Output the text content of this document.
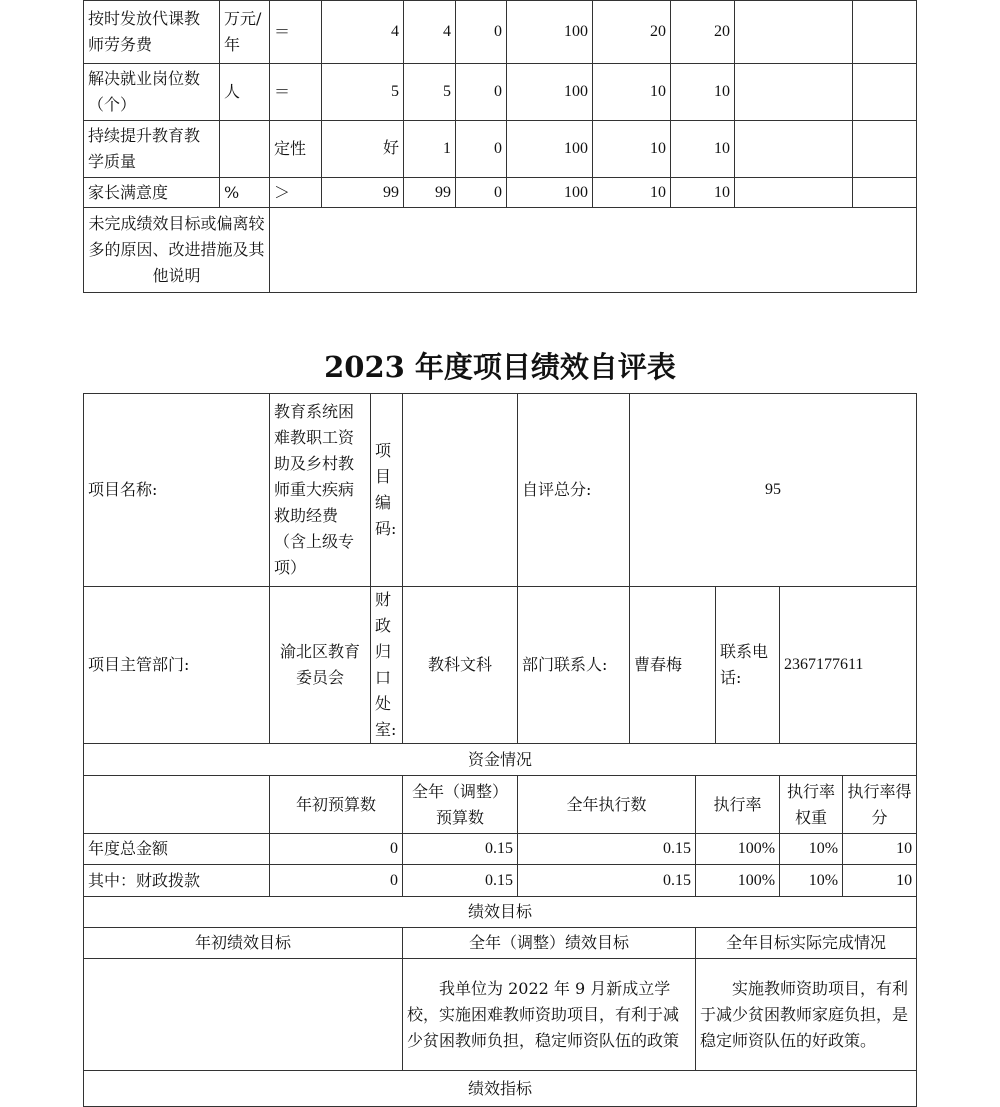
按时发放代课教师劳务费	万元/年	＝	4	4	0	100	20	20		
解决就业岗位数（个）	人	＝	5	5	0	100	10	10		
持续提升教育教学质量		定性	好	1	0	100	10	10		
家长满意度	%	＞	99	99	0	100	10	10		
未完成绩效目标或偏离较多的原因、改进措施及其他说明										
2023 年度项目绩效自评表
项目名称:	教育系统困难教职工资助及乡村教师重大疾病救助经费（含上级专项）	项目编码:		自评总分:	95				
项目主管部门:	渝北区教育委员会	财政归口处室:	教科文科	部门联系人:	曹春梅		联系电话:	2367177611	
资金情况									
	年初预算数		全年（调整）预算数	全年执行数		执行率		执行率权重	执行率得分
年度总金额	0		0.15	0.15		100%		10%	10
其中：财政拨款	0		0.15	0.15		100%		10%	10
绩效目标									
年初绩效目标			全年（调整）绩效目标			全年目标实际完成情况			
			我单位为 2022 年 9 月新成立学校，实施困难教师资助项目，有利于减少贫困教师负担，稳定师资队伍的政策			实施教师资助项目，有利于减少贫困教师家庭负担，是稳定师资队伍的好政策。			
绩效指标									
